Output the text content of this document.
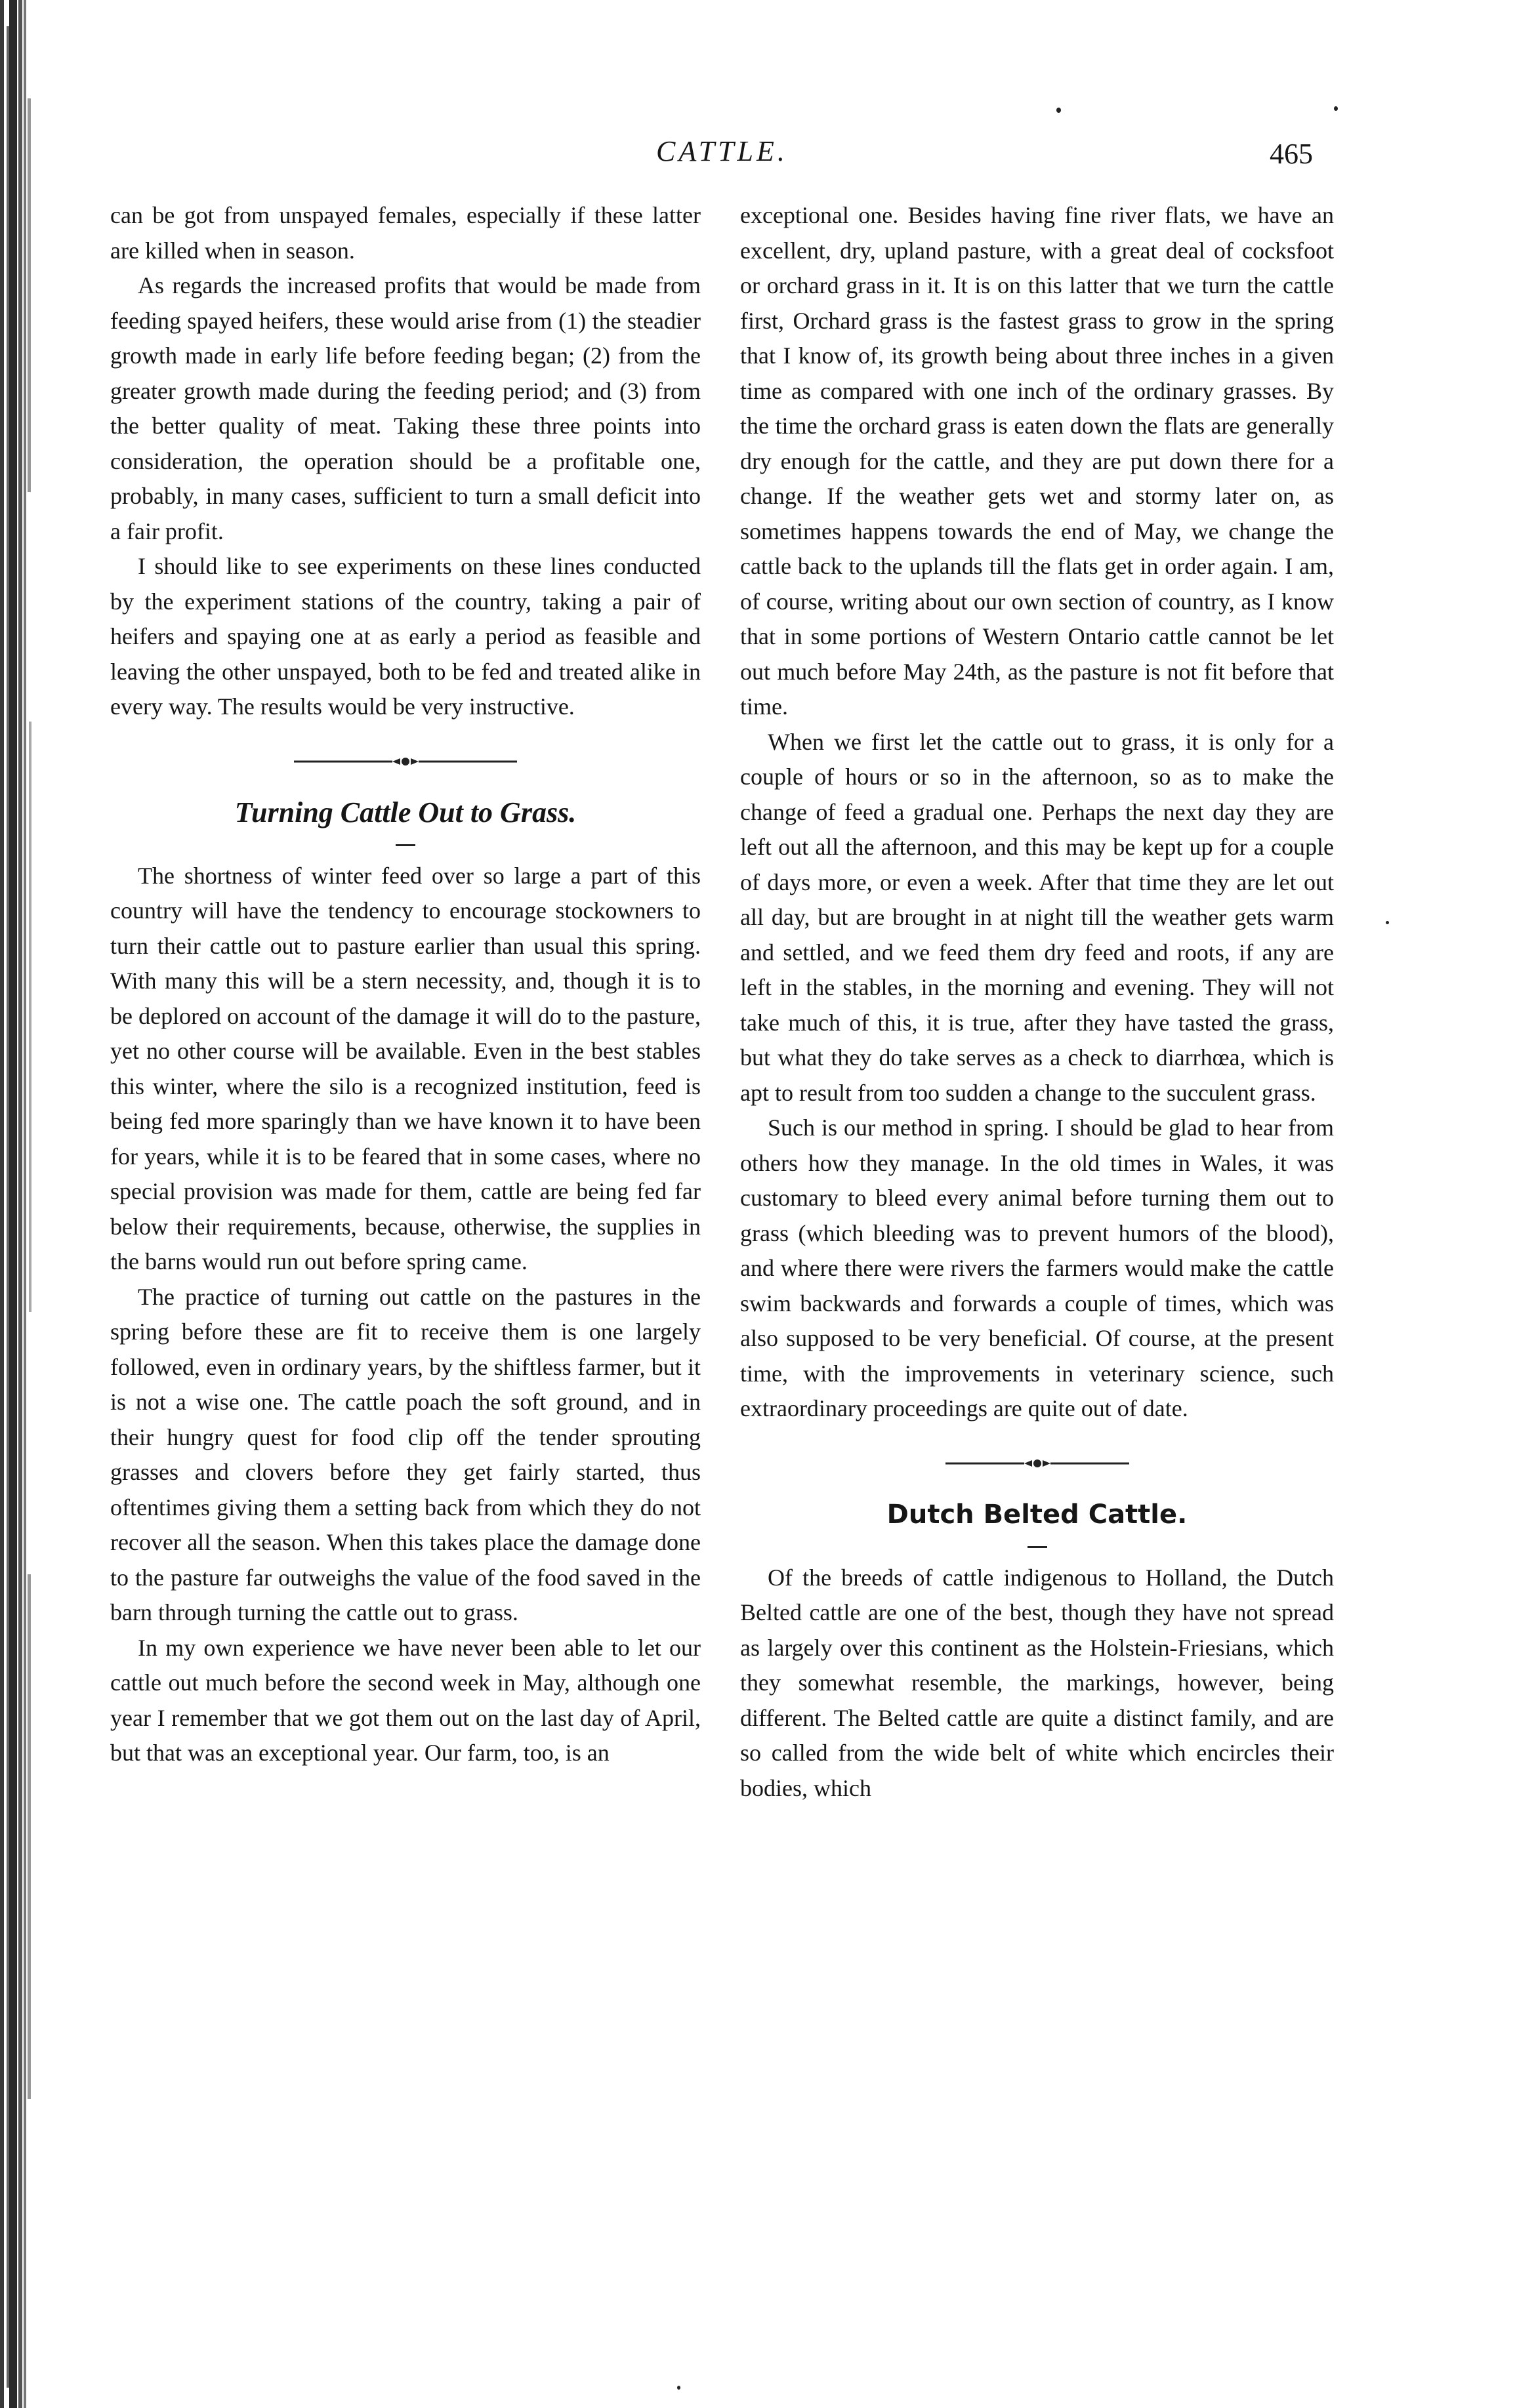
CATTLE.	465

can be got from unspayed females, especially if these latter are killed when in season.

As regards the increased profits that would be made from feeding spayed heifers, these would arise from (1) the steadier growth made in early life before feeding began; (2) from the greater growth made during the feeding period; and (3) from the better quality of meat. Taking these three points into consideration, the operation should be a profitable one, probably, in many cases, sufficient to turn a small deficit into a fair profit.

I should like to see experiments on these lines conducted by the experiment stations of the country, taking a pair of heifers and spaying one at as early a period as feasible and leaving the other unspayed, both to be fed and treated alike in every way. The results would be very instructive.

Turning Cattle Out to Grass.

The shortness of winter feed over so large a part of this country will have the tendency to encourage stockowners to turn their cattle out to pasture earlier than usual this spring. With many this will be a stern necessity, and, though it is to be deplored on account of the damage it will do to the pasture, yet no other course will be available. Even in the best stables this winter, where the silo is a recognized institution, feed is being fed more sparingly than we have known it to have been for years, while it is to be feared that in some cases, where no special provision was made for them, cattle are being fed far below their requirements, because, otherwise, the supplies in the barns would run out before spring came.

The practice of turning out cattle on the pastures in the spring before these are fit to receive them is one largely followed, even in ordinary years, by the shiftless farmer, but it is not a wise one. The cattle poach the soft ground, and in their hungry quest for food clip off the tender sprouting grasses and clovers before they get fairly started, thus oftentimes giving them a setting back from which they do not recover all the season. When this takes place the damage done to the pasture far outweighs the value of the food saved in the barn through turning the cattle out to grass.

In my own experience we have never been able to let our cattle out much before the second week in May, although one year I remember that we got them out on the last day of April, but that was an exceptional year. Our farm, too, is an

exceptional one. Besides having fine river flats, we have an excellent, dry, upland pasture, with a great deal of cocksfoot or orchard grass in it. It is on this latter that we turn the cattle first, Orchard grass is the fastest grass to grow in the spring that I know of, its growth being about three inches in a given time as compared with one inch of the ordinary grasses. By the time the orchard grass is eaten down the flats are generally dry enough for the cattle, and they are put down there for a change. If the weather gets wet and stormy later on, as sometimes happens towards the end of May, we change the cattle back to the uplands till the flats get in order again. I am, of course, writing about our own section of country, as I know that in some portions of Western Ontario cattle cannot be let out much before May 24th, as the pasture is not fit before that time.

When we first let the cattle out to grass, it is only for a couple of hours or so in the afternoon, so as to make the change of feed a gradual one. Perhaps the next day they are left out all the afternoon, and this may be kept up for a couple of days more, or even a week. After that time they are let out all day, but are brought in at night till the weather gets warm and settled, and we feed them dry feed and roots, if any are left in the stables, in the morning and evening. They will not take much of this, it is true, after they have tasted the grass, but what they do take serves as a check to diarrhœa, which is apt to result from too sudden a change to the succulent grass.

Such is our method in spring. I should be glad to hear from others how they manage. In the old times in Wales, it was customary to bleed every animal before turning them out to grass (which bleeding was to prevent humors of the blood), and where there were rivers the farmers would make the cattle swim backwards and forwards a couple of times, which was also supposed to be very beneficial. Of course, at the present time, with the improvements in veterinary science, such extraordinary proceedings are quite out of date.

Dutch Belted Cattle.

Of the breeds of cattle indigenous to Holland, the Dutch Belted cattle are one of the best, though they have not spread as largely over this continent as the Holstein-Friesians, which they somewhat resemble, the markings, however, being different. The Belted cattle are quite a distinct family, and are so called from the wide belt of white which encircles their bodies, which
